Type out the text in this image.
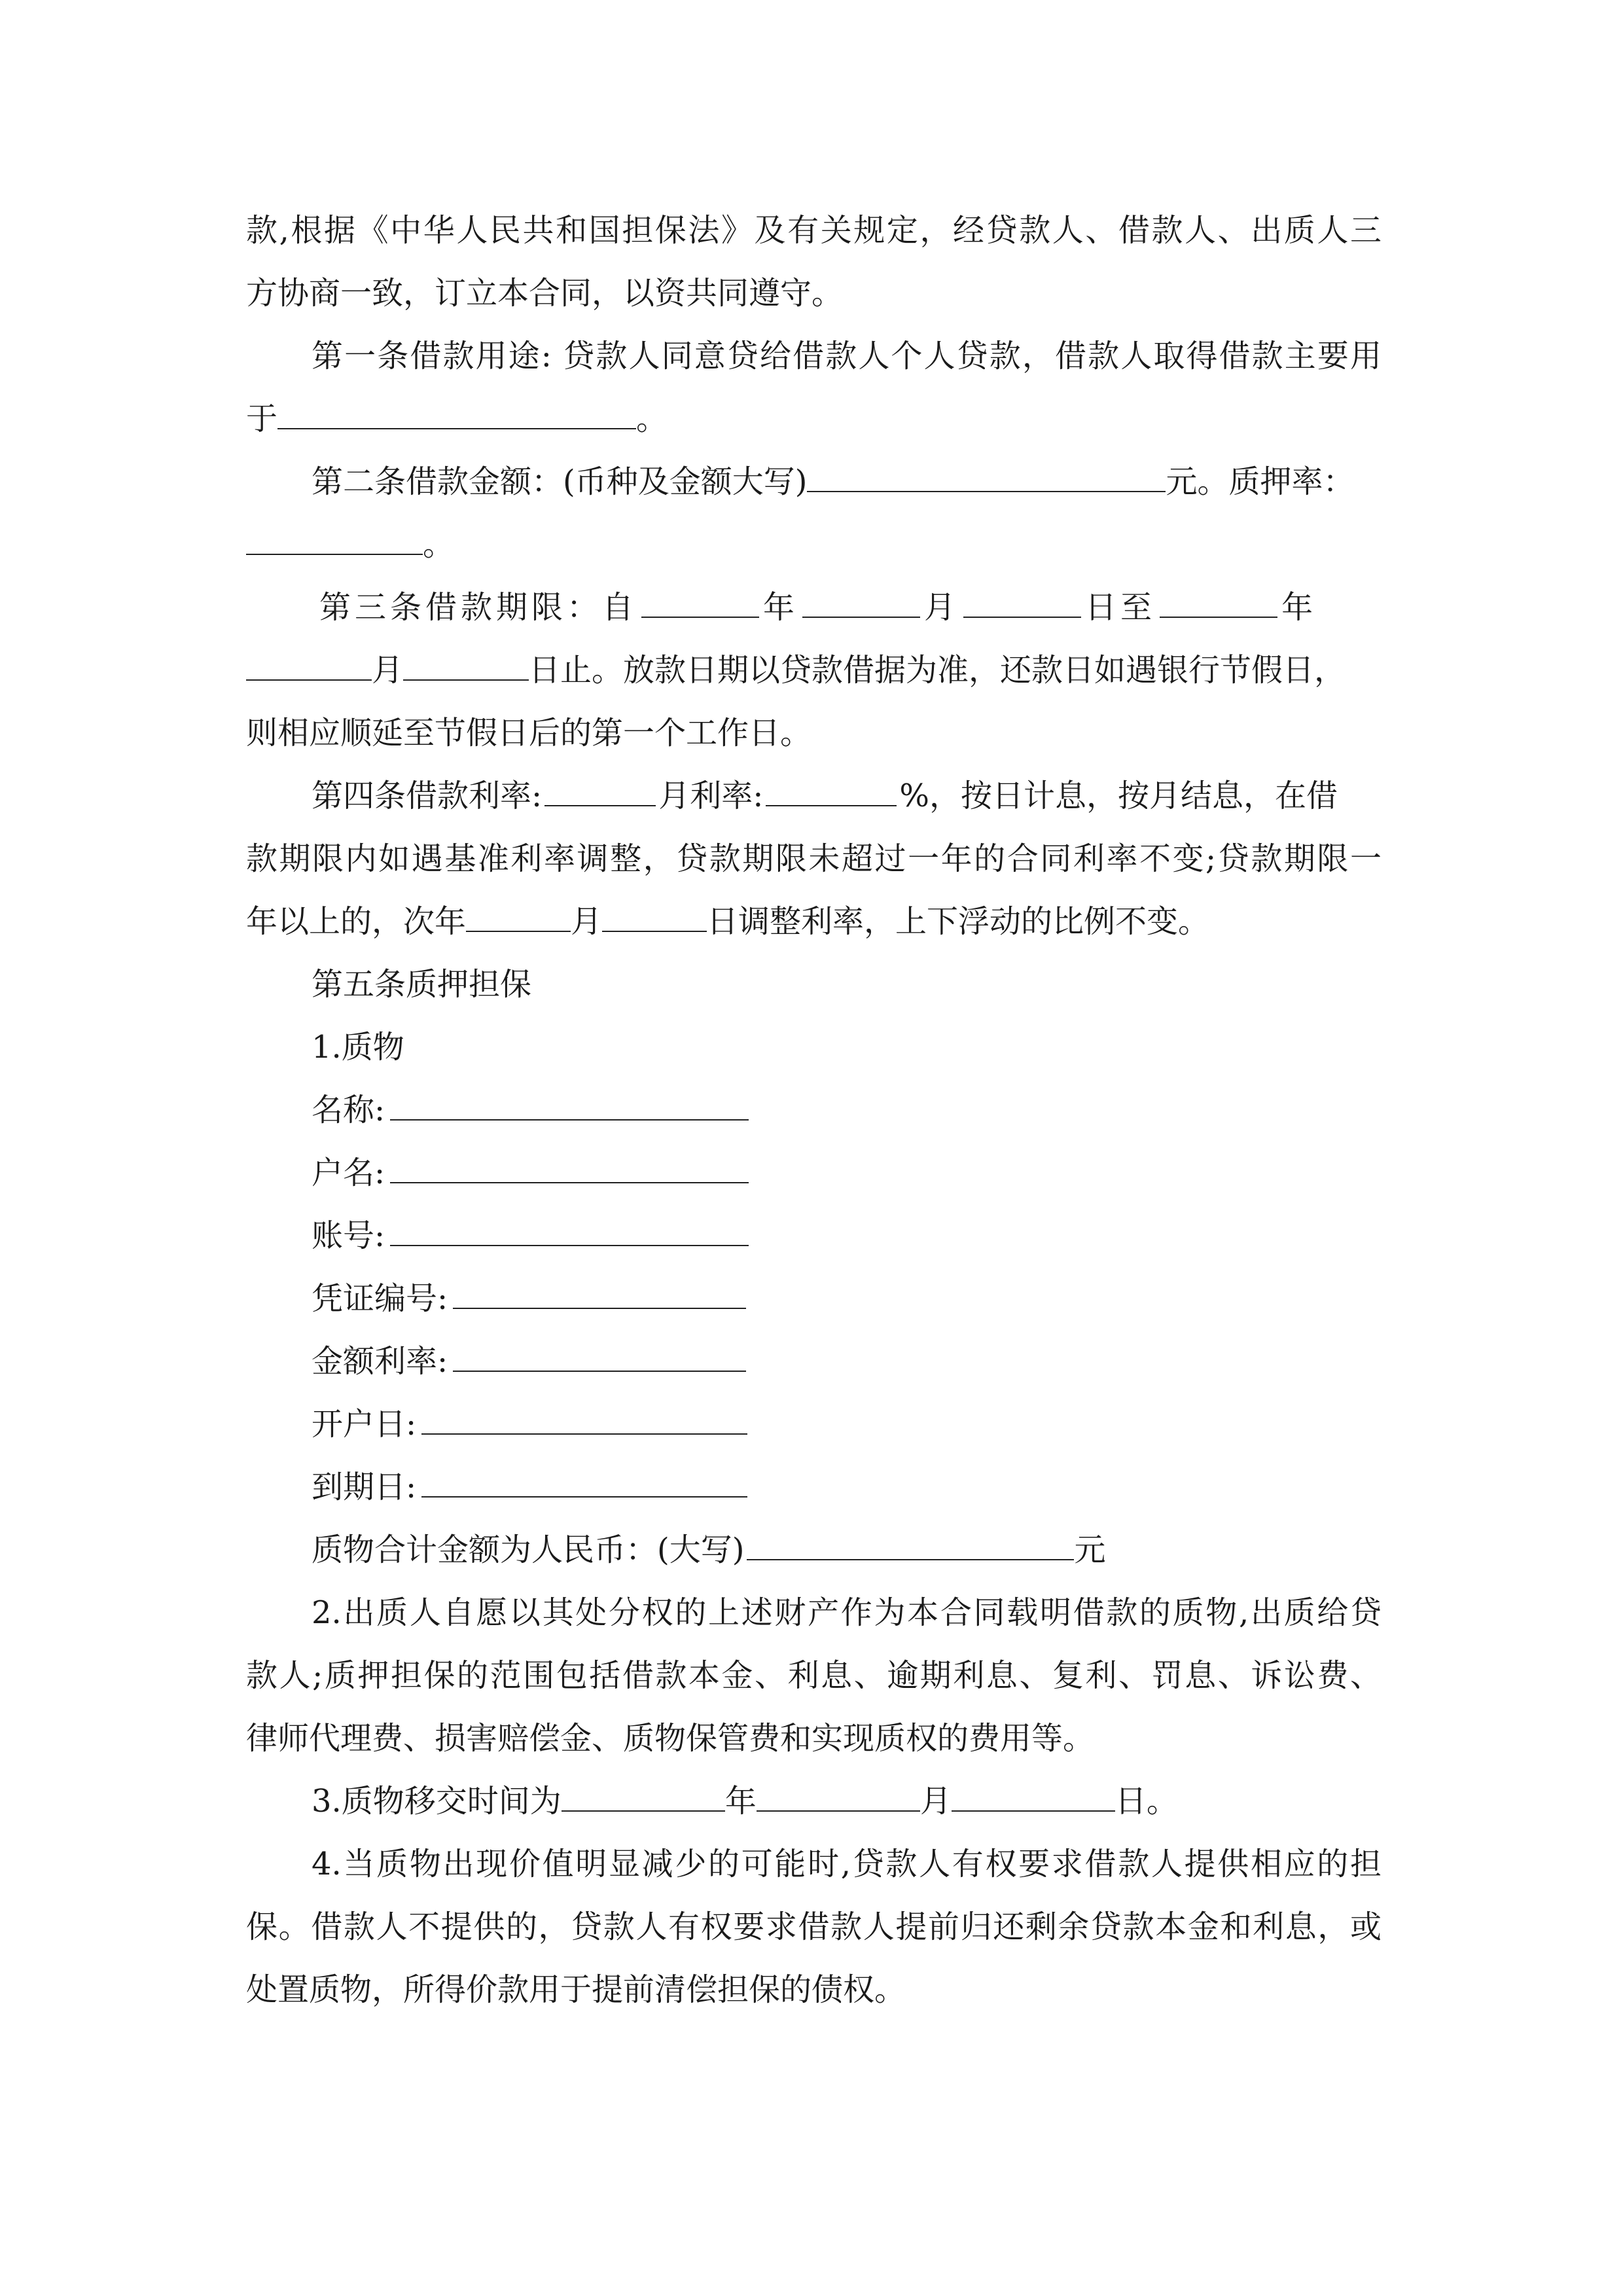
款,根据《中华人民共和国担保法》及有关规定，经贷款人、借款人、出质人三
方协商一致，订立本合同，以资共同遵守。
第一条借款用途: 贷款人同意贷给借款人个人贷款，借款人取得借款主要用
于	。
第二条借款金额：(币种及金额大写)	元。质押率：
。
第三条借款期限：自	年	月	日至	年
月	日止。放款日期以贷款借据为准，还款日如遇银行节假日，
则相应顺延至节假日后的第一个工作日。
第四条借款利率:	月利率:	%，按日计息，按月结息，在借
款期限内如遇基准利率调整，贷款期限未超过一年的合同利率不变;贷款期限一
年以上的，次年	月	日调整利率，上下浮动的比例不变。
第五条质押担保
1.质物
名称:
户名:
账号:
凭证编号:
金额利率:
开户日:
到期日:
质物合计金额为人民币：(大写)	元
2.出质人自愿以其处分权的上述财产作为本合同载明借款的质物,出质给贷
款人;质押担保的范围包括借款本金、利息、逾期利息、复利、罚息、诉讼费、
律师代理费、损害赔偿金、质物保管费和实现质权的费用等。
3.质物移交时间为	年	月	日。
4.当质物出现价值明显减少的可能时,贷款人有权要求借款人提供相应的担
保。借款人不提供的，贷款人有权要求借款人提前归还剩余贷款本金和利息，或
处置质物，所得价款用于提前清偿担保的债权。
